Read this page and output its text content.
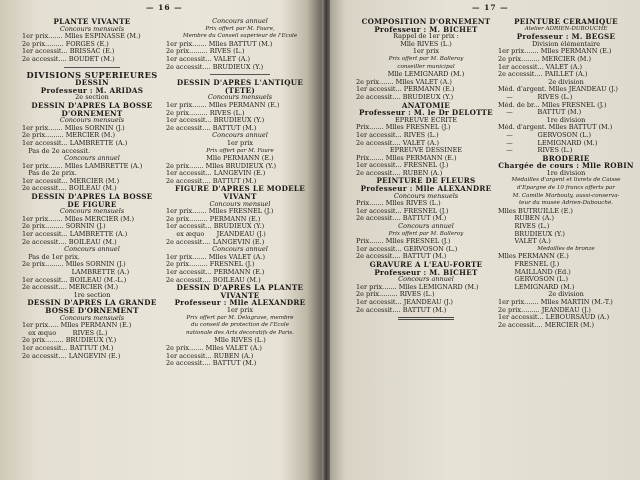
— 16 —
PLANTE VIVANTE
Concours mensuels
1er prix....... Mlles ESPINASSE (M.)
2e prix......... FORGES (E.)
1er accessit... BRISSAC (E.)
2e accessit.... BOUDET (M.)
DIVISIONS SUPÉRIEURES
DESSIN
Professeur : M. ARIDAS
2e section
DESSIN D'APRÈS LA BOSSE
D'ORNEMENT
Concours mensuels
1er prix....... Mlles SORNIN (J.)
2e prix......... MERCIER (M.)
1er accessit... LAMBRETTE (A.)
Pas de 2e accessit.
Concours annuel
1er prix....... Mlles LAMBRETTE (A.)
Pas de 2e prix.
1er accessit... MERCIER (M.)
2e accessit.... BOILEAU (M.)
DESSIN D'APRÈS LA BOSSE
DE FIGURE
Concours mensuels
1er prix....... Mlles MERCIER (M.)
2e prix......... SORNIN (J.)
1er accessit... LAMBRETTE (A.)
2e accessit.... BOILEAU (M.)
Concours annuel
Pas de 1er prix.
2e prix......... Mlles SORNIN (J.)
LAMBRETTE (A.)
1er accessit... BOILEAU (M.-L.)
2e accessit.... MERCIER (M.)
1re section
DESSIN D'APRÈS LA GRANDE
BOSSE D'ORNEMENT
Concours mensuels
1er prix..... Mlles PERMANN (E.)
ex æquo        RIVES (L.)
2e prix......... BRUDIEUX (Y.)
1er accessit... BATTUT (M.)
2e accessit.... LANGEVIN (E.)
Concours annuel
Prix offert par M. Faure,
Membre du Conseil supérieur de l'École
1er prix....... Mlles BATTUT (M.)
2e prix......... RIVES (L.)
1er accessit... VALET (A.)
2e accessit.... BRUDIEUX (Y.)
DESSIN D'APRÈS L'ANTIQUE
(TÊTE)
Concours mensuels
1er prix....... Mlles PERMANN (E.)
2e prix......... RIVES (L.)
1er accessit... BRUDIEUX (Y.)
2e accessit.... BATTUT (M.)
Concours annuel
1er prix
Prix offert par M. Faure
Mlle PERMANN (E.)
2e prix....... Mlles BRUDIEUX (Y.)
1er accessit... LANGEVIN (E.)
2e accessit.... BATTUT (M.)
FIGURE D'APRÈS LE MODÈLE
VIVANT
Concours mensuel
1er prix....... Mlles FRESNEL (J.)
2e prix......... PERMANN (E.)
1er accessit... BRUDIEUX (Y.)
ex æquo      JEANDEAU (J.)
2e accessit.... LANGEVIN (E.)
Concours annuel
1er prix....... Mlles VALET (A.)
2e prix......... FRESNEL (J.)
1er accessit... PERMANN (E.)
2e accessit.... BOILEAU (M.)
DESSIN D'APRÈS LA PLANTE
VIVANTE
Professeur : Mlle ALEXANDRE
1er prix
Prix offert par M. Delagrave, membre
du conseil de protection de l'École
nationale des Arts décoratifs de Paris.
Mlle RIVES (L.)
2e prix....... Mlles VALET (A.)
1er accessit... RUBEN (A.)
2e accessit.... BATTUT (M.)
— 17 —
COMPOSITION D'ORNEMENT
Professeur : M. BICHET
Rappel de 1er prix :
Mlle RIVES (L.)
1er prix
Prix offert par M. Balleroy
conseiller municipal
Mlle LEMIGNARD (M.)
2e prix....... Mlles VALET (A.)
1er accessit... PERMANN (E.)
2e accessit.... BRUDIEUX (Y.)
ANATOMIE
Professeur : M. le Dr DELOTTE
ÉPREUVE ÉCRITE
Prix....... Mlles FRESNEL (J.)
1er accessit... RIVES (L.)
2e accessit.... VALET (A.)
ÉPREUVE DESSINÉE
Prix....... Mlles PERMANN (E.)
1er accessit... FRESNEL (J.)
2e accessit.... RUBEN (A.)
PEINTURE DE FLEURS
Professeur : Mlle ALEXANDRE
Concours mensuels
Prix....... Mlles RIVES (L.)
1er accessit... FRESNEL (J.)
2e accessit.... BATTUT (M.)
Concours annuel
Prix offert par M. Balleroy
Prix....... Mlles FRESNEL (J.)
1er accessit... GERVOSON (L.)
2e accessit.... BATTUT (M.)
GRAVURE A L'EAU-FORTE
Professeur : M. BICHET
Concours annuel
1er prix....... Mlles LEMIGNARD (M.)
2e prix......... RIVES (L.)
1er accessit... JEANDEAU (J.)
2e accessit.... BATTUT (M.)
PEINTURE CÉRAMIQUE
Atelier ADRIEN-DUBOUCHÉ
Professeur : M. BEGSE
Division élémentaire
1er prix....... Mlles PERMANN (E.)
2e prix......... MERCIER (M.)
1er accessit... VALET (A.)
2e accessit.... PAILLET (A.)
2e division
Méd. d'argent. Mlles JEANDEAU (J.)
—            RIVES (L.)
Méd. de br... Mlles FRESNEL (J.)
—            BATTUT (M.)
1re division
Méd. d'argent. Mlles BATTUT (M.)
—            GERVOSON (L.)
—            LEMIGNARD (M.)
—            RIVES (L.)
BRODERIE
Chargée de cours : Mlle ROBIN
1re division
Médailles d'argent et livrets de Caisse
d'Épargne de 10 francs offerts par
M. Camille Marbouty, aussi-conserva-
teur du musée Adrien-Dubouché.
Mlles BUTRUILLE (E.)
RUBEN (A.)
RIVES (L.)
BRUDIEUX (Y.)
VALET (A.)
Médailles de bronze
Mlles PERMANN (E.)
FRESNEL (J.)
MAILLAND (Ed.)
GERVOSON (L.)
LEMIGNARD (M.)
2e division
1er prix....... Mlles MARTIN (M.-T.)
2e prix......... JEANDEAU (J.)
1er accessit... LEBOURSAUD (A.)
2e accessit.... MERCIER (M.)
